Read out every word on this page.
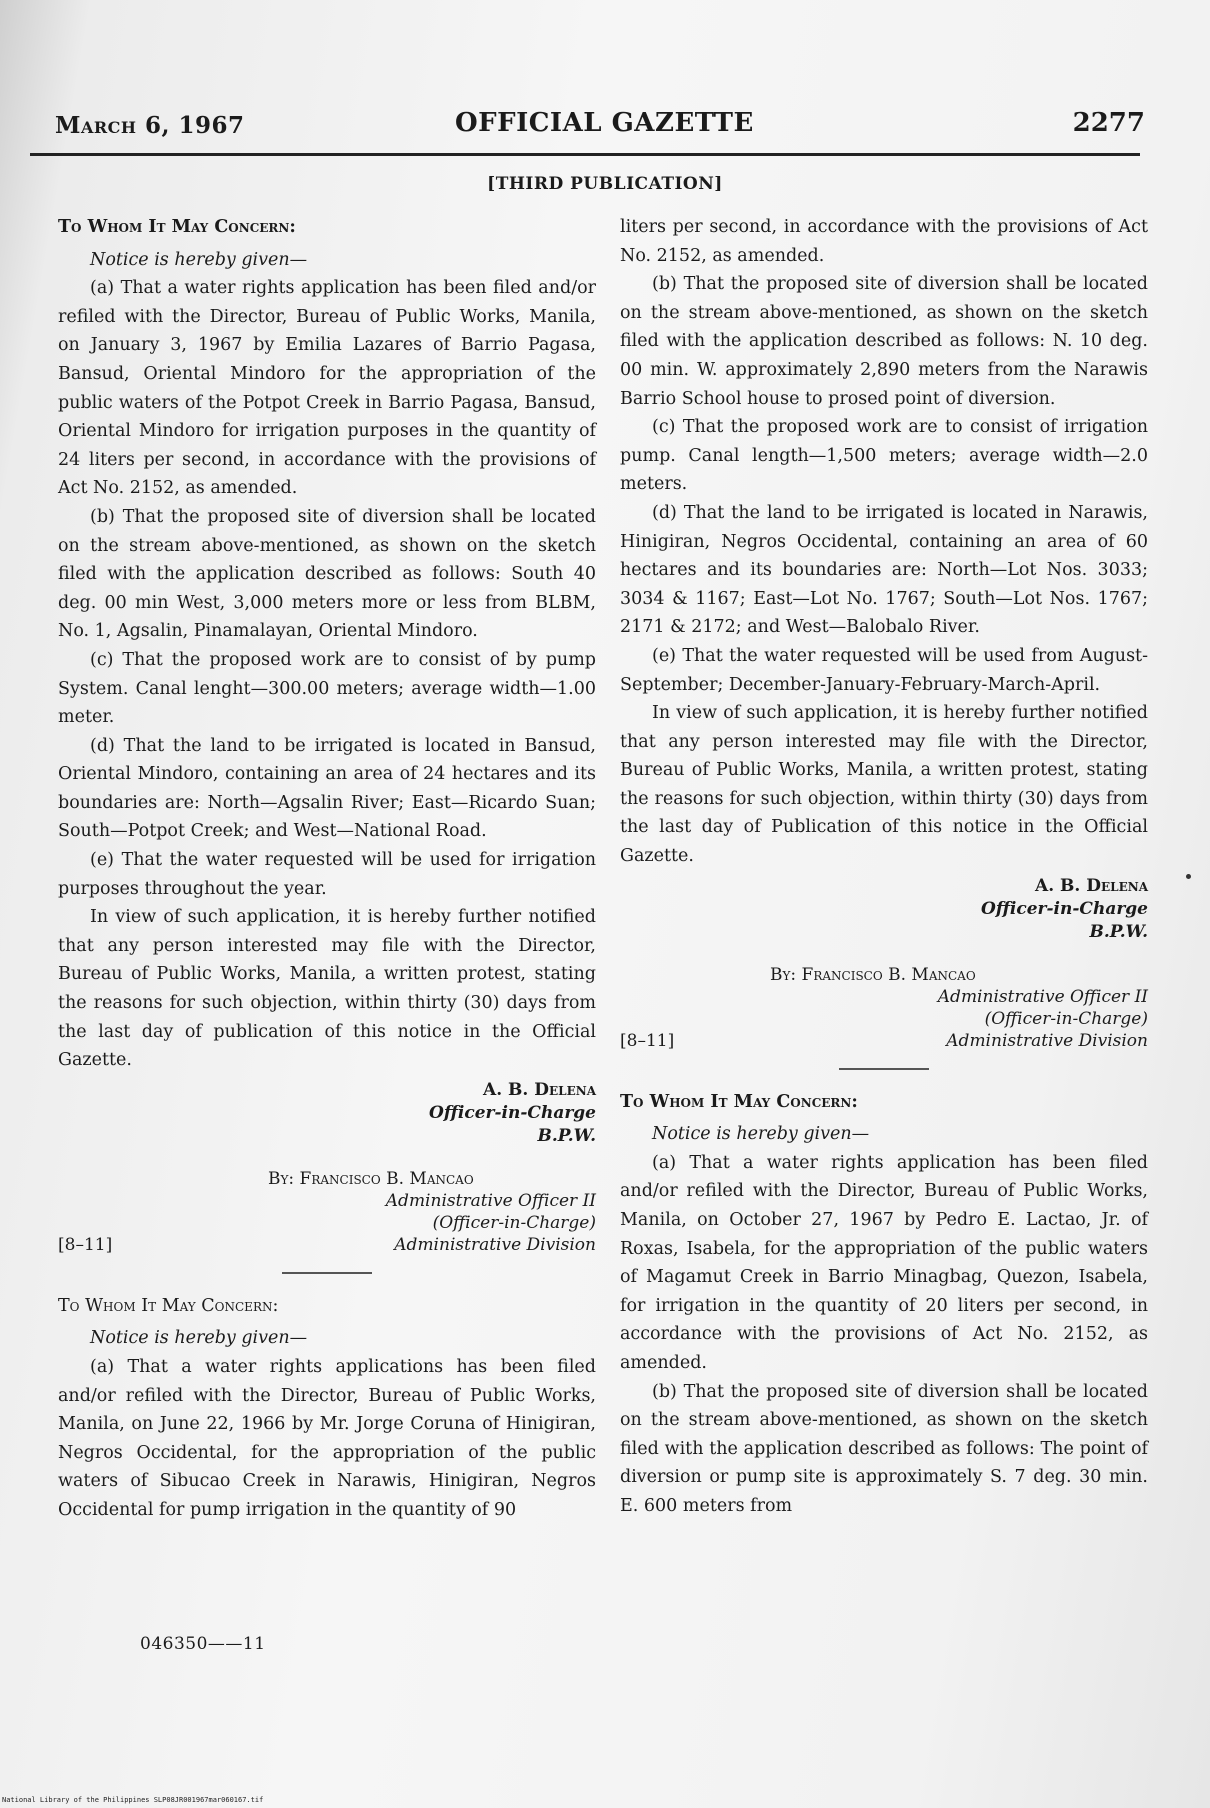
March 6, 1967	OFFICIAL GAZETTE	2277
[THIRD PUBLICATION]
To Whom It May Concern:

Notice is hereby given—

(a) That a water rights application has been filed and/or refiled with the Director, Bureau of Public Works, Manila, on January 3, 1967 by Emilia Lazares of Barrio Pagasa, Bansud, Oriental Mindoro for the appropriation of the public waters of the Potpot Creek in Barrio Pagasa, Bansud, Oriental Mindoro for irrigation purposes in the quantity of 24 liters per second, in accordance with the provisions of Act No. 2152, as amended.

(b) That the proposed site of diversion shall be located on the stream above-mentioned, as shown on the sketch filed with the application described as follows: South 40 deg. 00 min West, 3,000 meters more or less from BLBM, No. 1, Agsalin, Pinamalayan, Oriental Mindoro.

(c) That the proposed work are to consist of by pump System. Canal lenght—300.00 meters; average width—1.00 meter.

(d) That the land to be irrigated is located in Bansud, Oriental Mindoro, containing an area of 24 hectares and its boundaries are: North—Agsalin River; East—Ricardo Suan; South—Potpot Creek; and West—National Road.

(e) That the water requested will be used for irrigation purposes throughout the year.

In view of such application, it is hereby further notified that any person interested may file with the Director, Bureau of Public Works, Manila, a written protest, stating the reasons for such objection, within thirty (30) days from the last day of publication of this notice in the Official Gazette.

A. B. Delena
Officer-in-Charge
B.P.W.
By: Francisco B. Mancao
Administrative Officer II
(Officer-in-Charge)
Administrative Division
[8–11]
To Whom It May Concern:

Notice is hereby given—

(a) That a water rights applications has been filed and/or refiled with the Director, Bureau of Public Works, Manila, on June 22, 1966 by Mr. Jorge Coruna of Hinigiran, Negros Occidental, for the appropriation of the public waters of Sibucao Creek in Narawis, Hinigiran, Negros Occidental for pump irrigation in the quantity of 90

046350——11

liters per second, in accordance with the provisions of Act No. 2152, as amended.

(b) That the proposed site of diversion shall be located on the stream above-mentioned, as shown on the sketch filed with the application described as follows: N. 10 deg. 00 min. W. approximately 2,890 meters from the Narawis Barrio School house to prosed point of diversion.

(c) That the proposed work are to consist of irrigation pump. Canal length—1,500 meters; average width—2.0 meters.

(d) That the land to be irrigated is located in Narawis, Hinigiran, Negros Occidental, containing an area of 60 hectares and its boundaries are: North—Lot Nos. 3033; 3034 & 1167; East—Lot No. 1767; South—Lot Nos. 1767; 2171 & 2172; and West—Balobalo River.

(e) That the water requested will be used from August-September; December-January-February-March-April.

In view of such application, it is hereby further notified that any person interested may file with the Director, Bureau of Public Works, Manila, a written protest, stating the reasons for such objection, within thirty (30) days from the last day of Publication of this notice in the Official Gazette.

A. B. Delena
Officer-in-Charge
B.P.W.
By: Francisco B. Mancao
Administrative Officer II
(Officer-in-Charge)
Administrative Division
[8–11]
To Whom It May Concern:

Notice is hereby given—

(a) That a water rights application has been filed and/or refiled with the Director, Bureau of Public Works, Manila, on October 27, 1967 by Pedro E. Lactao, Jr. of Roxas, Isabela, for the appropriation of the public waters of Magamut Creek in Barrio Minagbag, Quezon, Isabela, for irrigation in the quantity of 20 liters per second, in accordance with the provisions of Act No. 2152, as amended.

(b) That the proposed site of diversion shall be located on the stream above-mentioned, as shown on the sketch filed with the application described as follows: The point of diversion or pump site is approximately S. 7 deg. 30 min. E. 600 meters from

National Library of the Philippines SLP08JR001967mar060167.tif
